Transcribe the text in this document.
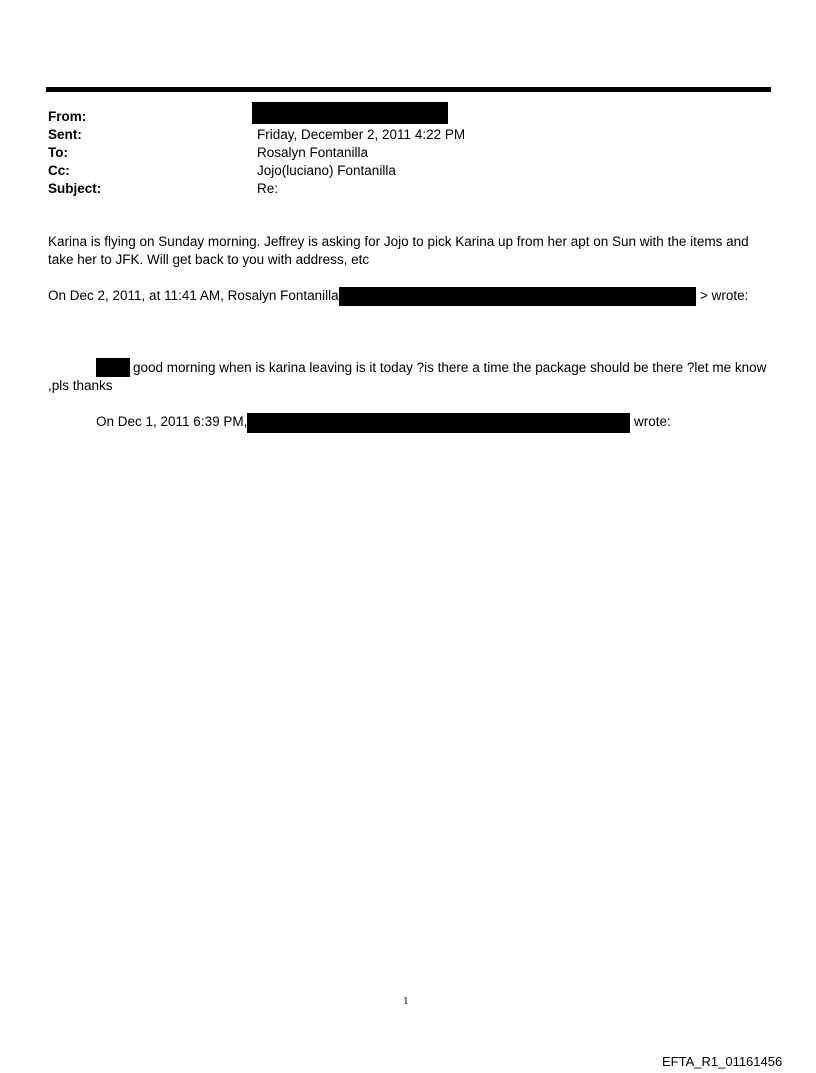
From:
Sent:	Friday, December 2, 2011 4:22 PM
To:	Rosalyn Fontanilla
Cc:	Jojo(luciano) Fontanilla
Subject:	Re:
Karina is flying on Sunday morning. Jeffrey is asking for Jojo to pick Karina up from her apt on Sun with the items and
take her to JFK. Will get back to you with address, etc
On Dec 2, 2011, at 11:41 AM, Rosalyn Fontanilla	> wrote:
good morning when is karina leaving is it today ?is there a time the package should be there ?let me know
,pls thanks
On Dec 1, 2011 6:39 PM,	wrote:
1
EFTA_R1_01161456
